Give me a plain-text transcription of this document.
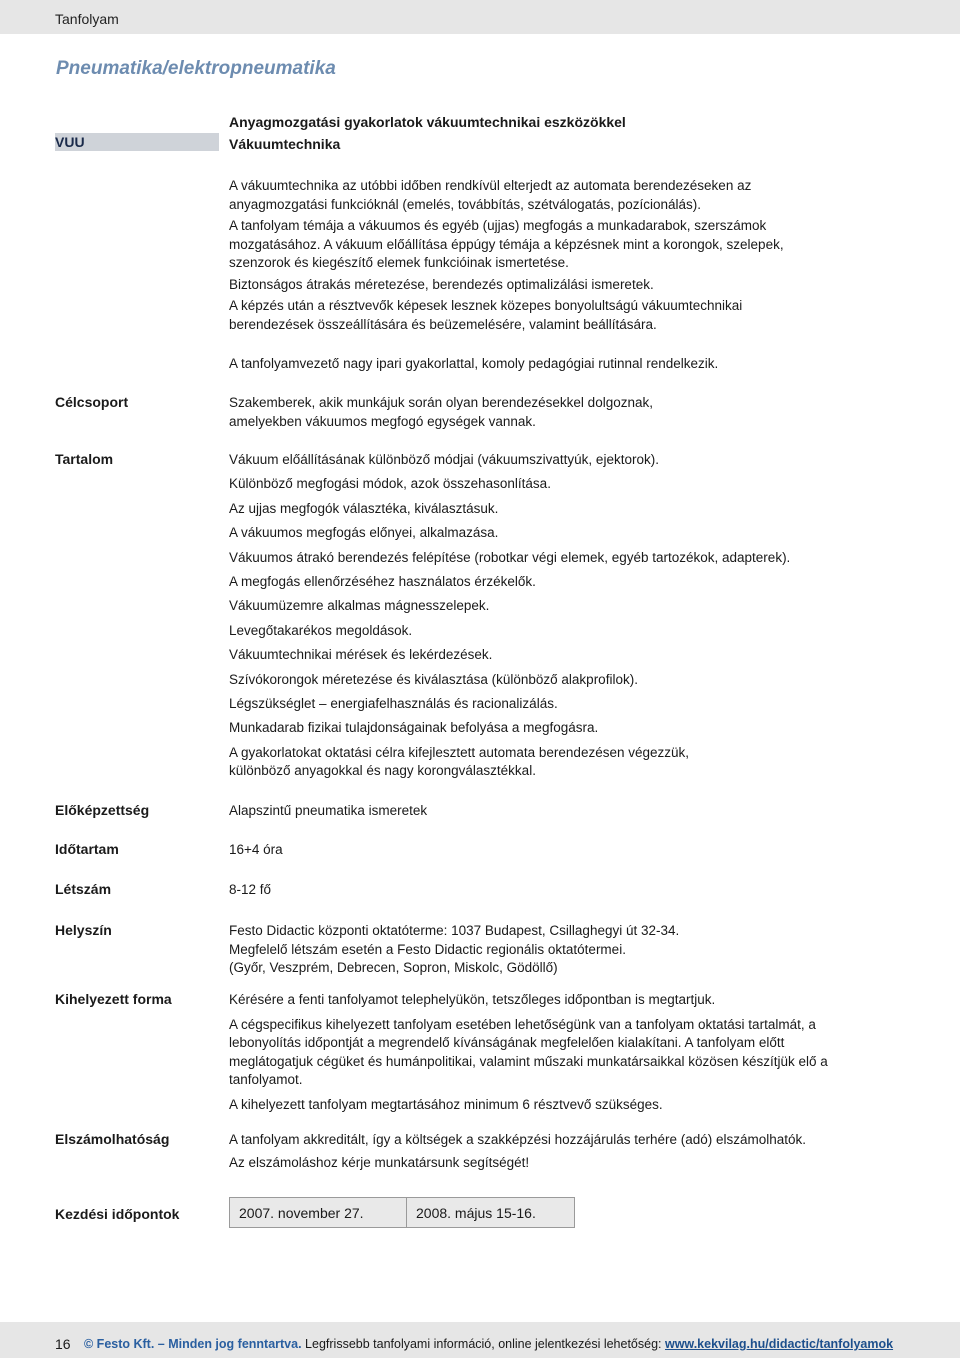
Tanfolyam
Pneumatika/elektropneumatika
VUU
Anyagmozgatási gyakorlatok vákuumtechnikai eszközökkel
Vákuumtechnika

A vákuumtechnika az utóbbi időben rendkívül elterjedt az automata berendezéseken az anyagmozgatási funkcióknál (emelés, továbbítás, szétválogatás, pozícionálás).

A tanfolyam témája a vákuumos és egyéb (ujjas) megfogás a munkadarabok, szerszámok mozgatásához. A vákuum előállítása éppúgy témája a képzésnek mint a korongok, szelepek, szenzorok és kiegészítő elemek funkcióinak ismertetése.

Biztonságos átrakás méretezése, berendezés optimalizálási ismeretek.

A képzés után a résztvevők képesek lesznek közepes bonyolultságú vákuumtechnikai berendezések összeállítására és beüzemelésére, valamint beállítására.

A tanfolyamvezető nagy ipari gyakorlattal, komoly pedagógiai rutinnal rendelkezik.
Célcsoport	Szakemberek, akik munkájuk során olyan berendezésekkel dolgoznak, amelyekben vákuumos megfogó egységek vannak.
Tartalom	Vákuum előállításának különböző módjai (vákuumszivattyúk, ejektorok).

Különböző megfogási módok, azok összehasonlítása.

Az ujjas megfogók választéka, kiválasztásuk.

A vákuumos megfogás előnyei, alkalmazása.

Vákuumos átrakó berendezés felépítése (robotkar végi elemek, egyéb tartozékok, adapterek).

A megfogás ellenőrzéséhez használatos érzékelők.

Vákuumüzemre alkalmas mágnesszelepek.

Levegőtakarékos megoldások.

Vákuumtechnikai mérések és lekérdezések.

Szívókorongok méretezése és kiválasztása (különböző alakprofilok).

Légszükséglet – energiafelhasználás és racionalizálás.

Munkadarab fizikai tulajdonságainak befolyása a megfogásra.

A gyakorlatokat oktatási célra kifejlesztett automata berendezésen végezzük, különböző anyagokkal és nagy korongválasztékkal.

Előképzettség	Alapszintű pneumatika ismeretek
Időtartam	16+4 óra
Létszám	8-12 fő
Helyszín	Festo Didactic központi oktatóterme: 1037 Budapest, Csillaghegyi út 32-34.
Megfelelő létszám esetén a Festo Didactic regionális oktatótermei.
(Győr, Veszprém, Debrecen, Sopron, Miskolc, Gödöllő)
Kihelyezett forma	Kérésére a fenti tanfolyamot telephelyükön, tetszőleges időpontban is megtartjuk.

A cégspecifikus kihelyezett tanfolyam esetében lehetőségünk van a tanfolyam oktatási tartalmát, a lebonyolítás időpontját a megrendelő kívánságának megfelelően kialakítani. A tanfolyam előtt meglátogatjuk cégüket és humánpolitikai, valamint műszaki munkatársaikkal közösen készítjük elő a tanfolyamot.

A kihelyezett tanfolyam megtartásához minimum 6 résztvevő szükséges.

Elszámolhatóság	A tanfolyam akkreditált, így a költségek a szakképzési hozzájárulás terhére (adó) elszámolhatók.
Az elszámoláshoz kérje munkatársunk segítségét!
Kezdési időpontok	2007. november 27.	2008. május 15-16.
16 © Festo Kft. – Minden jog fenntartva. Legfrissebb tanfolyami információ, online jelentkezési lehetőség: www.kekvilag.hu/didactic/tanfolyamok
